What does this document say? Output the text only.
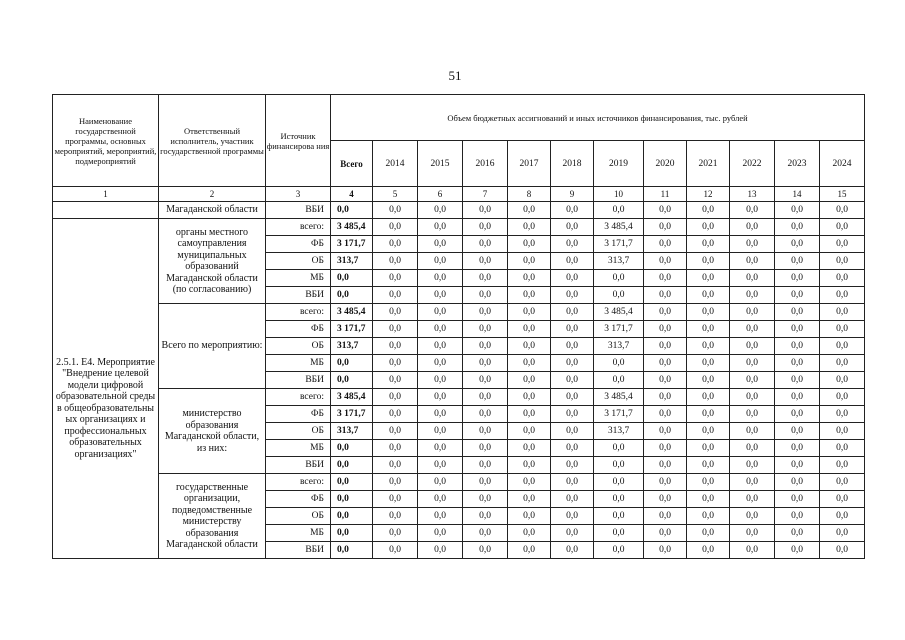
51
Наименование государственной программы, основных мероприятий, мероприятий, подмероприятий	Ответственный исполнитель, участник государственной программы	Источник финансирова ния	Объем бюджетных ассигнований и иных источников финансирования, тыс. рублей											
			Всего	2014	2015	2016	2017	2018	2019	2020	2021	2022	2023	2024
1	2	3	4	5	6	7	8	9	10	11	12	13	14	15
	Магаданской области	ВБИ	0,0	0,0	0,0	0,0	0,0	0,0	0,0	0,0	0,0	0,0	0,0	0,0
2.5.1. Е4. Мероприятие "Внедрение целевой модели цифровой образовательной среды в общеобразовательны ых организациях и профессиональных образовательных организациях"	органы местного самоуправления муниципальных образований Магаданской области (по согласованию)	всего:	3 485,4	0,0	0,0	0,0	0,0	0,0	3 485,4	0,0	0,0	0,0	0,0	0,0
		ФБ	3 171,7	0,0	0,0	0,0	0,0	0,0	3 171,7	0,0	0,0	0,0	0,0	0,0
		ОБ	313,7	0,0	0,0	0,0	0,0	0,0	313,7	0,0	0,0	0,0	0,0	0,0
		МБ	0,0	0,0	0,0	0,0	0,0	0,0	0,0	0,0	0,0	0,0	0,0	0,0
		ВБИ	0,0	0,0	0,0	0,0	0,0	0,0	0,0	0,0	0,0	0,0	0,0	0,0
	Всего по мероприятию:	всего:	3 485,4	0,0	0,0	0,0	0,0	0,0	3 485,4	0,0	0,0	0,0	0,0	0,0
		ФБ	3 171,7	0,0	0,0	0,0	0,0	0,0	3 171,7	0,0	0,0	0,0	0,0	0,0
		ОБ	313,7	0,0	0,0	0,0	0,0	0,0	313,7	0,0	0,0	0,0	0,0	0,0
		МБ	0,0	0,0	0,0	0,0	0,0	0,0	0,0	0,0	0,0	0,0	0,0	0,0
		ВБИ	0,0	0,0	0,0	0,0	0,0	0,0	0,0	0,0	0,0	0,0	0,0	0,0
	министерство образования Магаданской области, из них:	всего:	3 485,4	0,0	0,0	0,0	0,0	0,0	3 485,4	0,0	0,0	0,0	0,0	0,0
		ФБ	3 171,7	0,0	0,0	0,0	0,0	0,0	3 171,7	0,0	0,0	0,0	0,0	0,0
		ОБ	313,7	0,0	0,0	0,0	0,0	0,0	313,7	0,0	0,0	0,0	0,0	0,0
		МБ	0,0	0,0	0,0	0,0	0,0	0,0	0,0	0,0	0,0	0,0	0,0	0,0
		ВБИ	0,0	0,0	0,0	0,0	0,0	0,0	0,0	0,0	0,0	0,0	0,0	0,0
	государственные организации, подведомственные министерству образования Магаданской области	всего:	0,0	0,0	0,0	0,0	0,0	0,0	0,0	0,0	0,0	0,0	0,0	0,0
		ФБ	0,0	0,0	0,0	0,0	0,0	0,0	0,0	0,0	0,0	0,0	0,0	0,0
		ОБ	0,0	0,0	0,0	0,0	0,0	0,0	0,0	0,0	0,0	0,0	0,0	0,0
		МБ	0,0	0,0	0,0	0,0	0,0	0,0	0,0	0,0	0,0	0,0	0,0	0,0
		ВБИ	0,0	0,0	0,0	0,0	0,0	0,0	0,0	0,0	0,0	0,0	0,0	0,0
